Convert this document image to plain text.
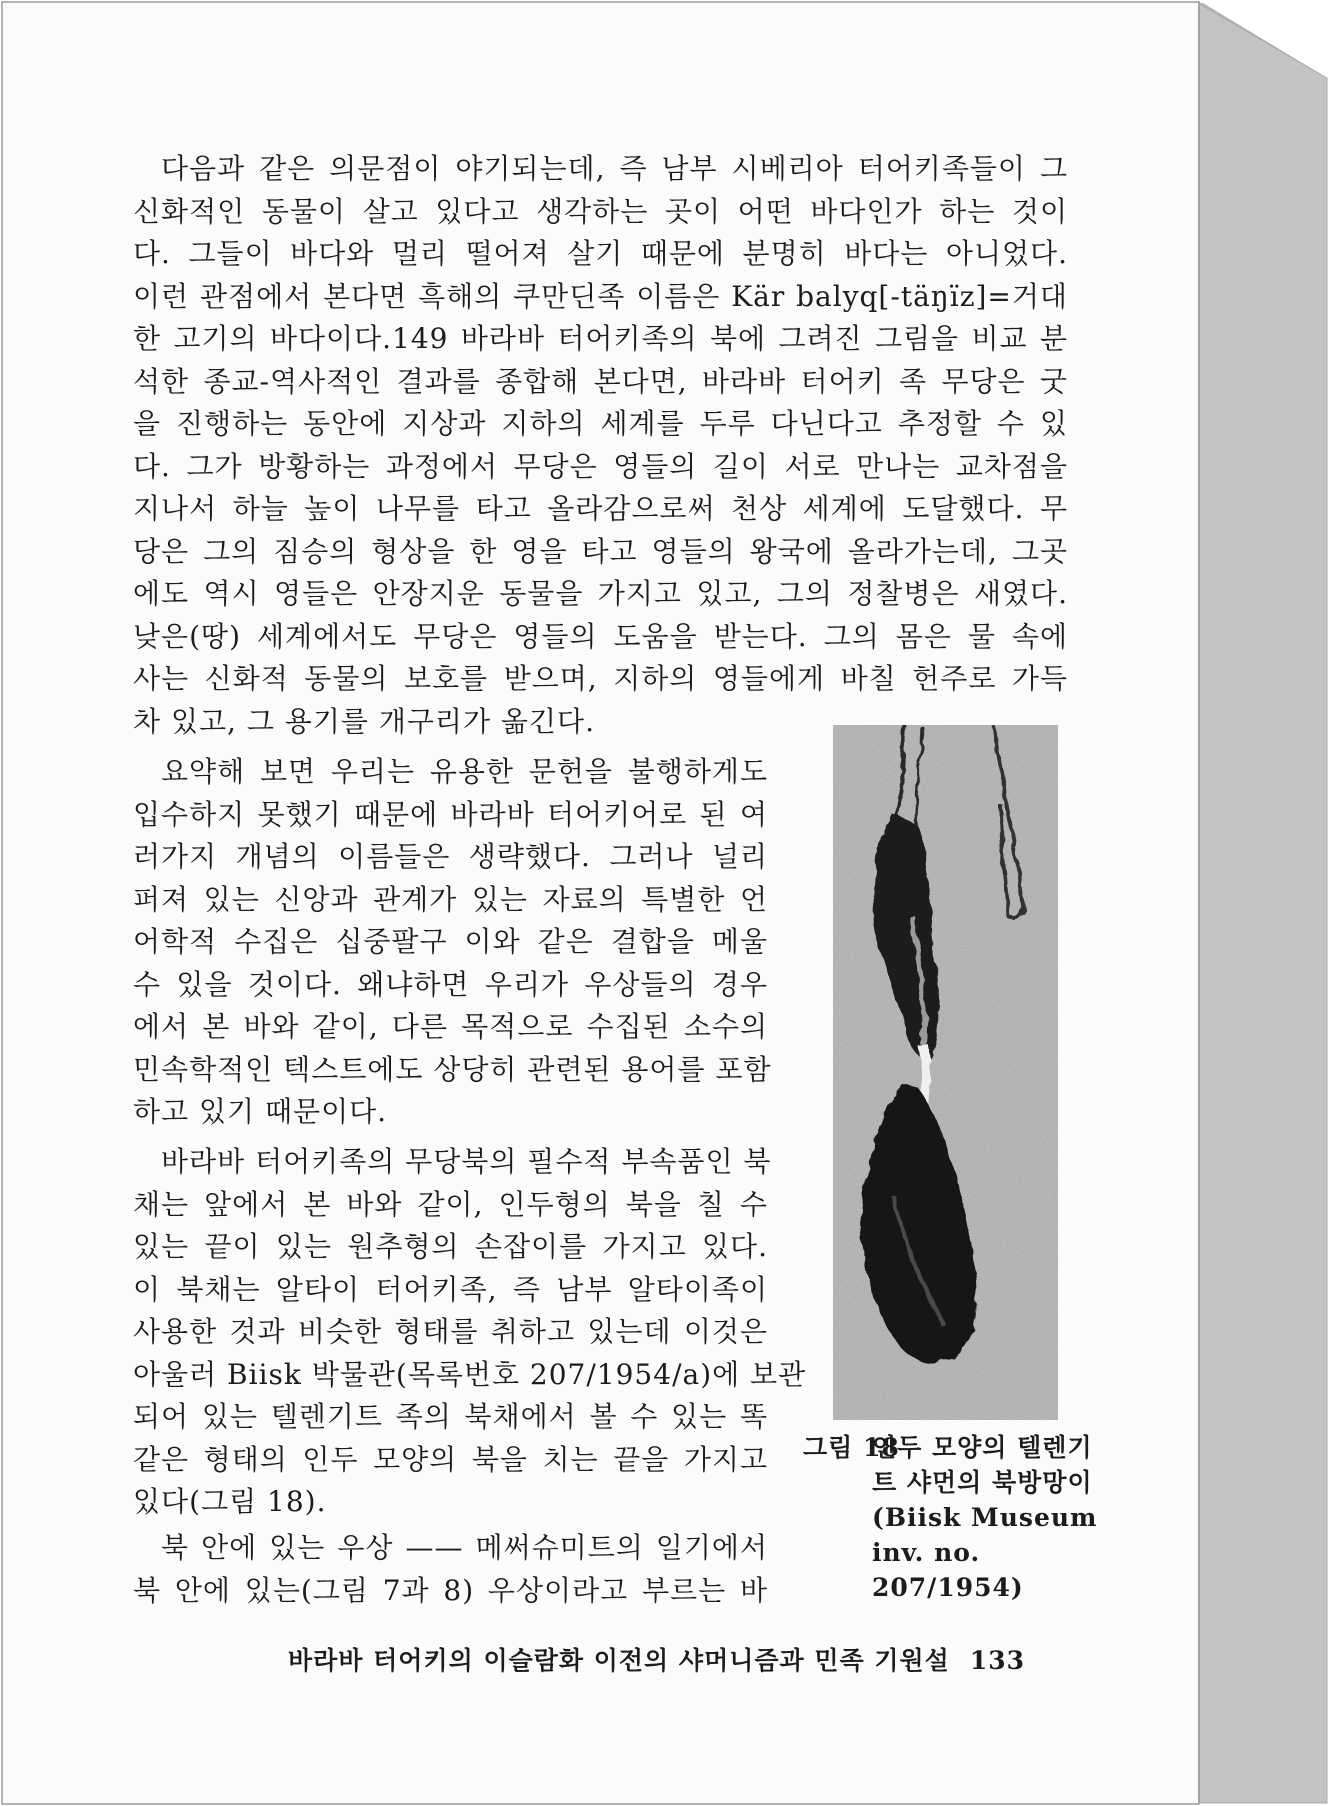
다음과 같은 의문점이 야기되는데, 즉 남부 시베리아 터어키족들이 그
신화적인 동물이 살고 있다고 생각하는 곳이 어떤 바다인가 하는 것이
다. 그들이 바다와 멀리 떨어져 살기 때문에 분명히 바다는 아니었다.
이런 관점에서 본다면 흑해의 쿠만딘족 이름은 Kär balyq[-täŋïz]=거대
한 고기의 바다이다.149 바라바 터어키족의 북에 그려진 그림을 비교 분
석한 종교-역사적인 결과를 종합해 본다면, 바라바 터어키 족 무당은 굿
을 진행하는 동안에 지상과 지하의 세계를 두루 다닌다고 추정할 수 있
다. 그가 방황하는 과정에서 무당은 영들의 길이 서로 만나는 교차점을
지나서 하늘 높이 나무를 타고 올라감으로써 천상 세계에 도달했다. 무
당은 그의 짐승의 형상을 한 영을 타고 영들의 왕국에 올라가는데, 그곳
에도 역시 영들은 안장지운 동물을 가지고 있고, 그의 정찰병은 새였다.
낮은(땅) 세계에서도 무당은 영들의 도움을 받는다. 그의 몸은 물 속에
사는 신화적 동물의 보호를 받으며, 지하의 영들에게 바칠 헌주로 가득
차 있고, 그 용기를 개구리가 옮긴다.
요약해 보면 우리는 유용한 문헌을 불행하게도
입수하지 못했기 때문에 바라바 터어키어로 된 여
러가지 개념의 이름들은 생략했다. 그러나 널리
퍼져 있는 신앙과 관계가 있는 자료의 특별한 언
어학적 수집은 십중팔구 이와 같은 결합을 메울
수 있을 것이다. 왜냐하면 우리가 우상들의 경우
에서 본 바와 같이, 다른 목적으로 수집된 소수의
민속학적인 텍스트에도 상당히 관련된 용어를 포함
하고 있기 때문이다.
바라바 터어키족의 무당북의 필수적 부속품인 북
채는 앞에서 본 바와 같이, 인두형의 북을 칠 수
있는 끝이 있는 원추형의 손잡이를 가지고 있다.
이 북채는 알타이 터어키족, 즉 남부 알타이족이
사용한 것과 비슷한 형태를 취하고 있는데 이것은
아울러 Biisk 박물관(목록번호 207/1954/a)에 보관
되어 있는 텔렌기트 족의 북채에서 볼 수 있는 똑
같은 형태의 인두 모양의 북을 치는 끝을 가지고
있다(그림 18).
북 안에 있는 우상 —— 메써슈미트의 일기에서
북 안에 있는(그림 7과 8) 우상이라고 부르는 바
그림 18
인두 모양의 텔렌기트 샤먼의 북방망이(Biisk Museum inv. no. 207/1954)
바라바 터어키의 이슬람화 이전의 샤머니즘과 민족 기원설 133
